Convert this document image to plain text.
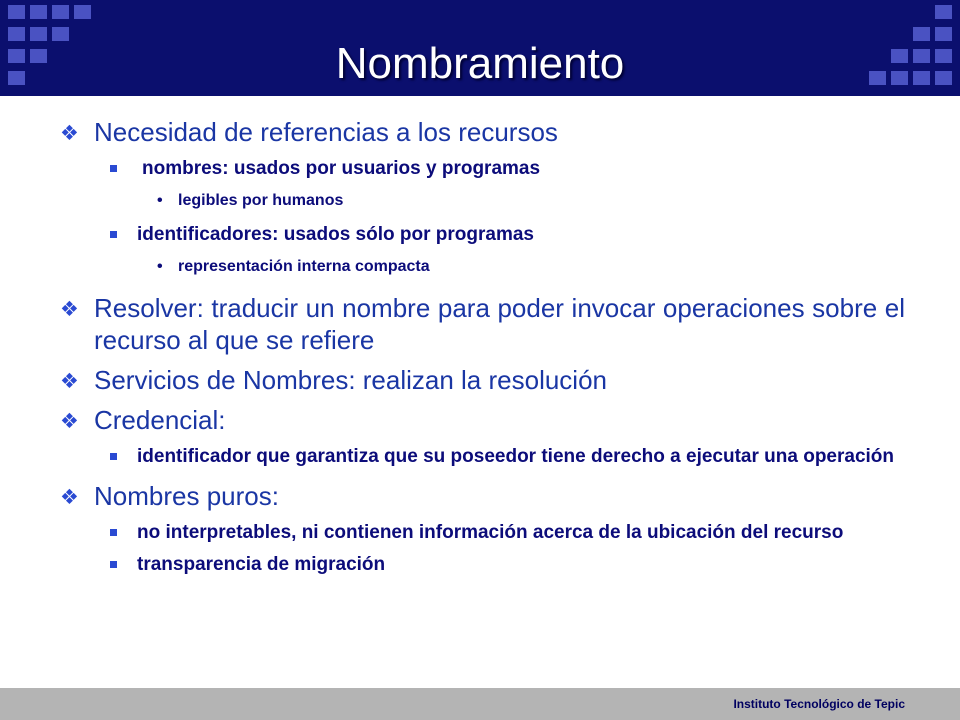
Nombramiento
❖ Necesidad de referencias a los recursos
nombres: usados por usuarios y programas
• legibles por humanos
identificadores: usados sólo por programas
• representación interna compacta
❖ Resolver: traducir un nombre para poder invocar operaciones sobre el recurso al que se refiere
❖ Servicios de Nombres: realizan la resolución
❖ Credencial:
identificador que garantiza que su poseedor tiene derecho a ejecutar una operación
❖ Nombres puros:
no interpretables, ni contienen información acerca de la ubicación del recurso
transparencia de migración
Instituto Tecnológico de Tepic
